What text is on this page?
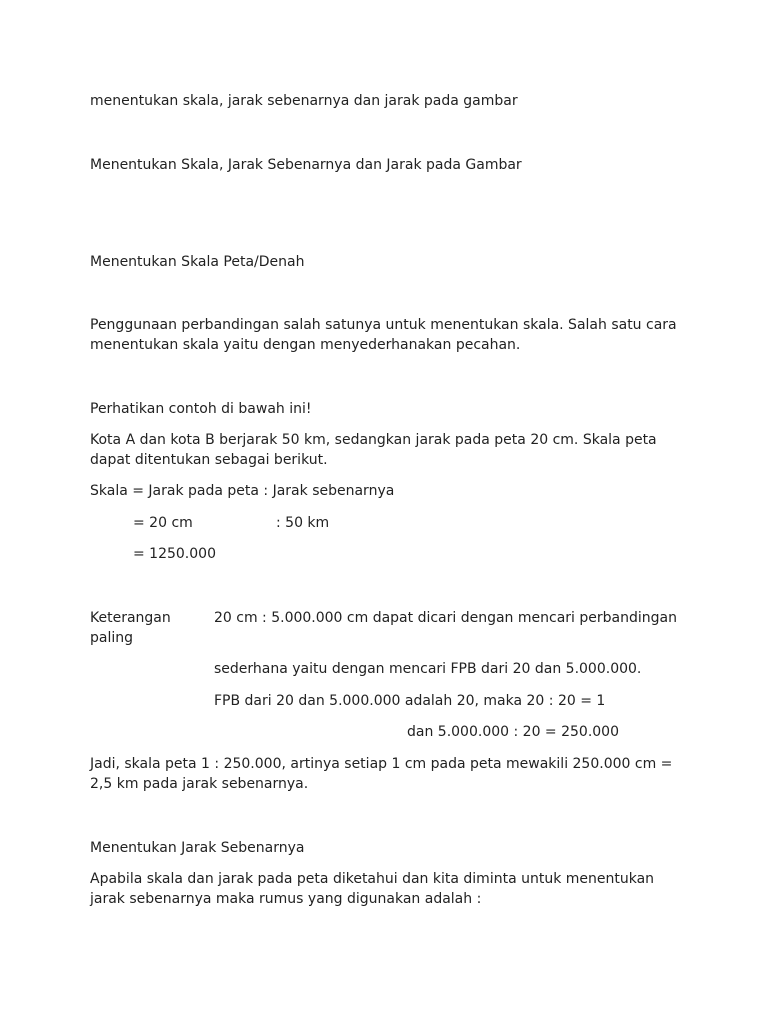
menentukan skala, jarak sebenarnya dan jarak pada gambar

Menentukan Skala, Jarak Sebenarnya dan Jarak pada Gambar

Menentukan Skala Peta/Denah

Penggunaan perbandingan salah satunya untuk menentukan skala. Salah satu cara menentukan skala yaitu dengan menyederhanakan pecahan.

Perhatikan contoh di bawah ini!

Kota A dan kota B berjarak 50 km, sedangkan jarak pada peta 20 cm. Skala peta dapat ditentukan sebagai berikut.

Skala = Jarak pada peta : Jarak sebenarnya

= 20 cm	: 50 km

= 1250.000

Keterangan	20 cm : 5.000.000 cm dapat dicari dengan mencari perbandingan

paling

sederhana yaitu dengan mencari FPB dari 20 dan 5.000.000.

FPB dari 20 dan 5.000.000 adalah 20, maka 20 : 20 = 1

dan 5.000.000 : 20 = 250.000

Jadi, skala peta 1 : 250.000, artinya setiap 1 cm pada peta mewakili 250.000 cm = 2,5 km pada jarak sebenarnya.

Menentukan Jarak Sebenarnya

Apabila skala dan jarak pada peta diketahui dan kita diminta untuk menentukan jarak sebenarnya maka rumus yang digunakan adalah :
